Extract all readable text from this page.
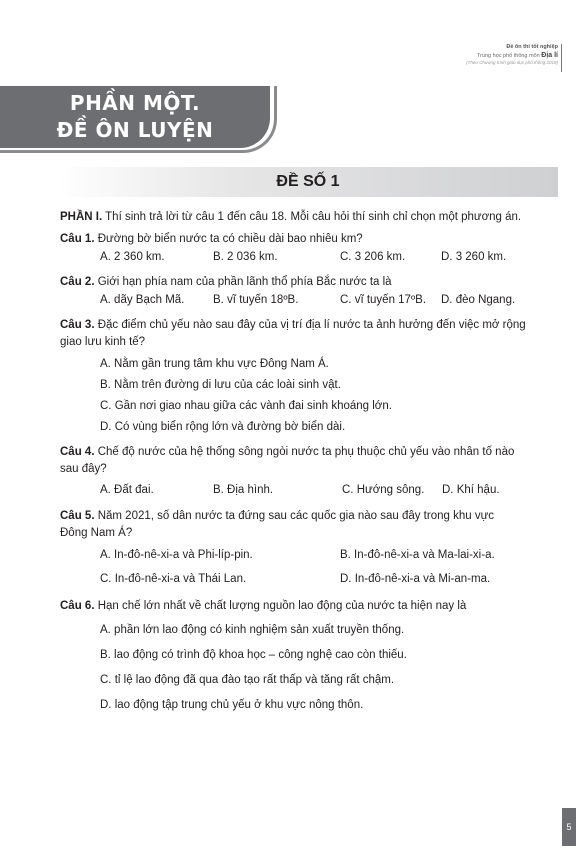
Đề ôn thi tốt nghiệp
Trung học phổ thông môn Địa lí
(Theo Chương trình giáo dục phổ thông 2018)
PHẦN MỘT.
ĐỀ ÔN LUYỆN
ĐỀ SỐ 1
PHẦN I. Thí sinh trả lời từ câu 1 đến câu 18. Mỗi câu hỏi thí sinh chỉ chọn một phương án.
Câu 1. Đường bờ biển nước ta có chiều dài bao nhiêu km?
A. 2 360 km.	B. 2 036 km.	C. 3 206 km.	D. 3 260 km.
Câu 2. Giới hạn phía nam của phần lãnh thổ phía Bắc nước ta là
A. dãy Bạch Mã. B. vĩ tuyến 18ºB.	C. vĩ tuyến 17ºB. D. đèo Ngang.
Câu 3. Đặc điểm chủ yếu nào sau đây của vị trí địa lí nước ta ảnh hưởng đến việc mở rộng
giao lưu kinh tế?
A. Nằm gần trung tâm khu vực Đông Nam Á.
B. Nằm trên đường di lưu của các loài sinh vật.
C. Gần nơi giao nhau giữa các vành đai sinh khoáng lớn.
D. Có vùng biển rộng lớn và đường bờ biển dài.
Câu 4. Chế độ nước của hệ thống sông ngòi nước ta phụ thuộc chủ yếu vào nhân tố nào
sau đây?
A. Đất đai.	B. Địa hình.	C. Hướng sông. D. Khí hậu.
Câu 5. Năm 2021, số dân nước ta đứng sau các quốc gia nào sau đây trong khu vực
Đông Nam Á?
A. In-đô-nê-xi-a và Phi-líp-pin.	B. In-đô-nê-xi-a và Ma-lai-xi-a.
C. In-đô-nê-xi-a và Thái Lan.	D. In-đô-nê-xi-a và Mi-an-ma.
Câu 6. Hạn chế lớn nhất về chất lượng nguồn lao động của nước ta hiện nay là
A. phần lớn lao động có kinh nghiệm sản xuất truyền thống.
B. lao động có trình độ khoa học – công nghệ cao còn thiếu.
C. tỉ lệ lao động đã qua đào tạo rất thấp và tăng rất chậm.
D. lao động tập trung chủ yếu ở khu vực nông thôn.
5
